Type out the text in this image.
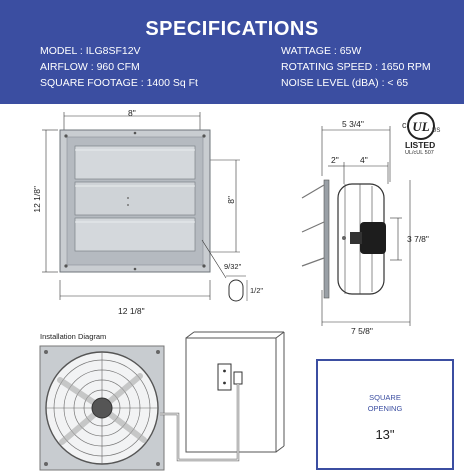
SPECIFICATIONS
MODEL : ILG8SF12V
AIRFLOW : 960 CFM
SQUARE FOOTAGE : 1400 Sq Ft
WATTAGE : 65W
ROTATING SPEED : 1650 RPM
NOISE LEVEL (dBA) : < 65
UL
8"
12 1/8"	8"
12 1/8"
9/32"
1/2"
5 3/4"
2"	4"
3 7/8"
7 5/8"
c
US
LISTED
UL/cUL 507
Installation Diagram
SQUARE
OPENING
13"
